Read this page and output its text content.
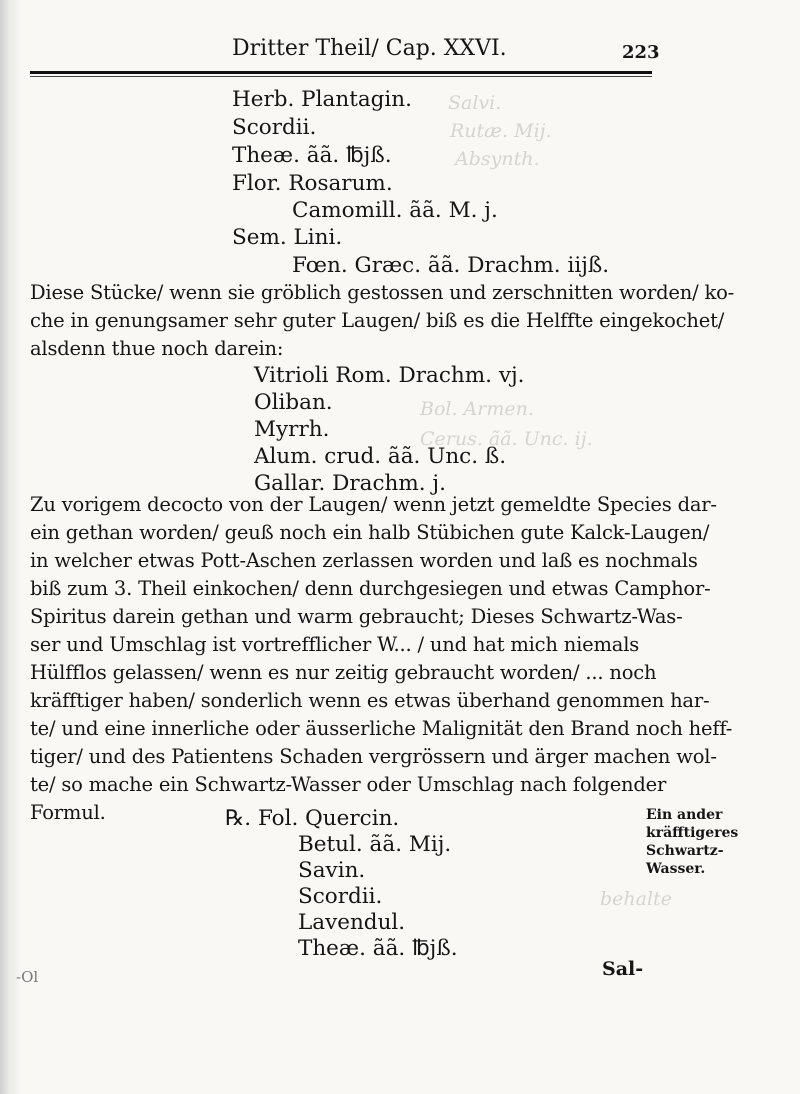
Salvi.
Rutæ. Mij.
Absynth.
Bol. Armen.
Cerus. ãã. Unc. ij.
behalte
Dritter Theil/ Cap. XXVI.	223
Herb. Plantagin.
Scordii.
Theæ. ãã. ℔jß.
Flor. Rosarum.
Camomill. ãã. M. j.
Sem. Lini.
Fœn. Græc. ãã. Drachm. iijß.
Diese Stücke/ wenn sie gröblich gestossen und zerschnitten worden/ ko-
che in genungsamer sehr guter Laugen/ biß es die Helffte eingekochet/
alsdenn thue noch darein:
Vitrioli Rom. Drachm. vj.
Oliban.
Myrrh.
Alum. crud. ãã. Unc. ß.
Gallar. Drachm. j.
Zu vorigem decocto von der Laugen/ wenn jetzt gemeldte Species dar-
ein gethan worden/ geuß noch ein halb Stübichen gute Kalck-Laugen/
in welcher etwas Pott-Aschen zerlassen worden und laß es nochmals
biß zum 3. Theil einkochen/ denn durchgesiegen und etwas Camphor-
Spiritus darein gethan und warm gebraucht; Dieses Schwartz-Was-
ser und Umschlag ist vortrefflicher W... / und hat mich niemals
Hülfflos gelassen/ wenn es nur zeitig gebraucht worden/ ... noch
kräfftiger haben/ sonderlich wenn es etwas überhand genommen har-
te/ und eine innerliche oder äusserliche Malignität den Brand noch heff-
tiger/ und des Patientens Schaden vergrössern und ärger machen wol-
te/ so mache ein Schwartz-Wasser oder Umschlag nach folgender
Formul.	℞. Fol. Quercin.
Betul. ãã. Mij.
Savin.
Scordii.
Lavendul.
Theæ. ãã. ℔jß.
Ein ander
kräfftigeres
Schwartz-
Wasser.
Sal-
-Ol
